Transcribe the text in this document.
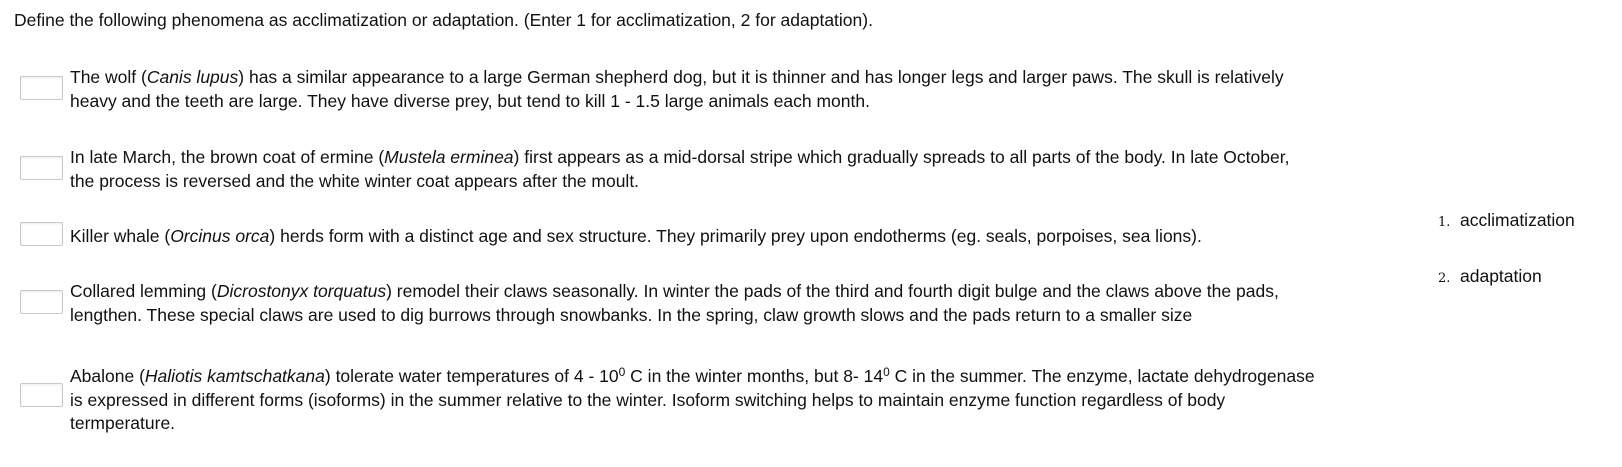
Define the following phenomena as acclimatization or adaptation. (Enter 1 for acclimatization, 2 for adaptation).
The wolf (Canis lupus) has a similar appearance to a large German shepherd dog, but it is thinner and has longer legs and larger paws. The skull is relatively
heavy and the teeth are large. They have diverse prey, but tend to kill 1 - 1.5 large animals each month.
In late March, the brown coat of ermine (Mustela erminea) first appears as a mid-dorsal stripe which gradually spreads to all parts of the body. In late October,
the process is reversed and the white winter coat appears after the moult.
Killer whale (Orcinus orca) herds form with a distinct age and sex structure. They primarily prey upon endotherms (eg. seals, porpoises, sea lions).
Collared lemming (Dicrostonyx torquatus) remodel their claws seasonally. In winter the pads of the third and fourth digit bulge and the claws above the pads,
lengthen. These special claws are used to dig burrows through snowbanks. In the spring, claw growth slows and the pads return to a smaller size
Abalone (Haliotis kamtschatkana) tolerate water temperatures of $4 - 10^0$ C in the winter months, but 8- $14^0$ C in the summer. The enzyme, lactate dehydrogenase
is expressed in different forms (isoforms) in the summer relative to the winter. Isoform switching helps to maintain enzyme function regardless of body
termperature.
1. acclimatization
2. adaptation
